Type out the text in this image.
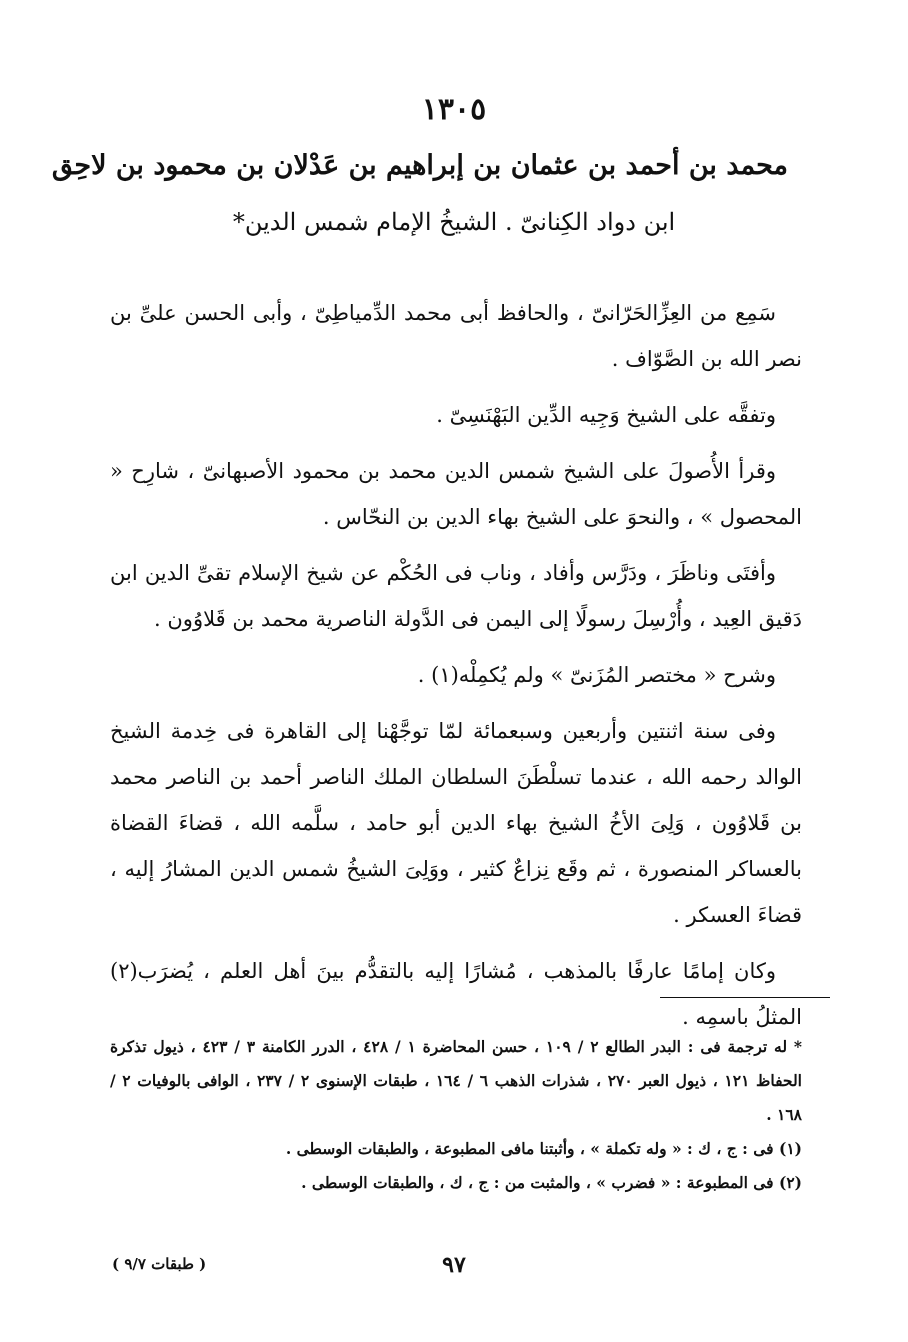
١٣٠٥
محمد بن أحمد بن عثمان بن إبراهيم بن عَدْلان بن محمود بن لاحِق
ابن دواد الكِنانىّ . الشيخُ الإمام شمس الدين*

سَمِع من العِزِّالحَرّانىّ ، والحافظ أبى محمد الدِّمياطِىّ ، وأبى الحسن علىِّ بن نصر الله بن الصَّوّاف .

وتفقَّه على الشيخ وَجِيه الدِّين البَهْنَسِىّ .

وقرأ الأُصولَ على الشيخ شمس الدين محمد بن محمود الأصبهانىّ ، شارِح « المحصول » ، والنحوَ على الشيخ بهاء الدين بن النحّاس .

وأفتَى وناظَرَ ، ودَرَّس وأفاد ، وناب فى الحُكْم عن شيخ الإسلام تقىِّ الدين ابن دَقيق العِيد ، وأُرْسِلَ رسولًا إلى اليمن فى الدَّولة الناصرية محمد بن قَلاوُون .

وشرح « مختصر المُزَنىّ » ولم يُكمِلْه(١) .

وفى سنة اثنتين وأربعين وسبعمائة لمّا توجَّهْنا إلى القاهرة فى خِدمة الشيخ الوالد رحمه الله ، عندما تسلْطَنَ السلطان الملك الناصر أحمد بن الناصر محمد بن قَلاوُون ، وَلِىَ الأخُ الشيخ بهاء الدين أبو حامد ، سلَّمه الله ، قضاءَ القضاة بالعساكر المنصورة ، ثم وقَع نِزاعٌ كثير ، ووَلِىَ الشيخُ شمس الدين المشارُ إليه ، قضاءَ العسكر .

وكان إمامًا عارفًا بالمذهب ، مُشارًا إليه بالتقدُّم بينَ أهل العلم ، يُضرَب(٢) المثلُ باسمِه .

* له ترجمة فى : البدر الطالع ٢ / ١٠٩ ، حسن المحاضرة ١ / ٤٢٨ ، الدرر الكامنة ٣ / ٤٢٣ ، ذيول تذكرة الحفاظ ١٢١ ، ذيول العبر ٢٧٠ ، شذرات الذهب ٦ / ١٦٤ ، طبقات الإسنوى ٢ / ٢٣٧ ، الوافى بالوفيات ٢ / ١٦٨ .

(١) فى : ج ، ك : « وله تكملة » ، وأثبتنا مافى المطبوعة ، والطبقات الوسطى .

(٢) فى المطبوعة : « فضرب » ، والمثبت من : ج ، ك ، والطبقات الوسطى .

٩٧
( طبقات ٩/٧ )
